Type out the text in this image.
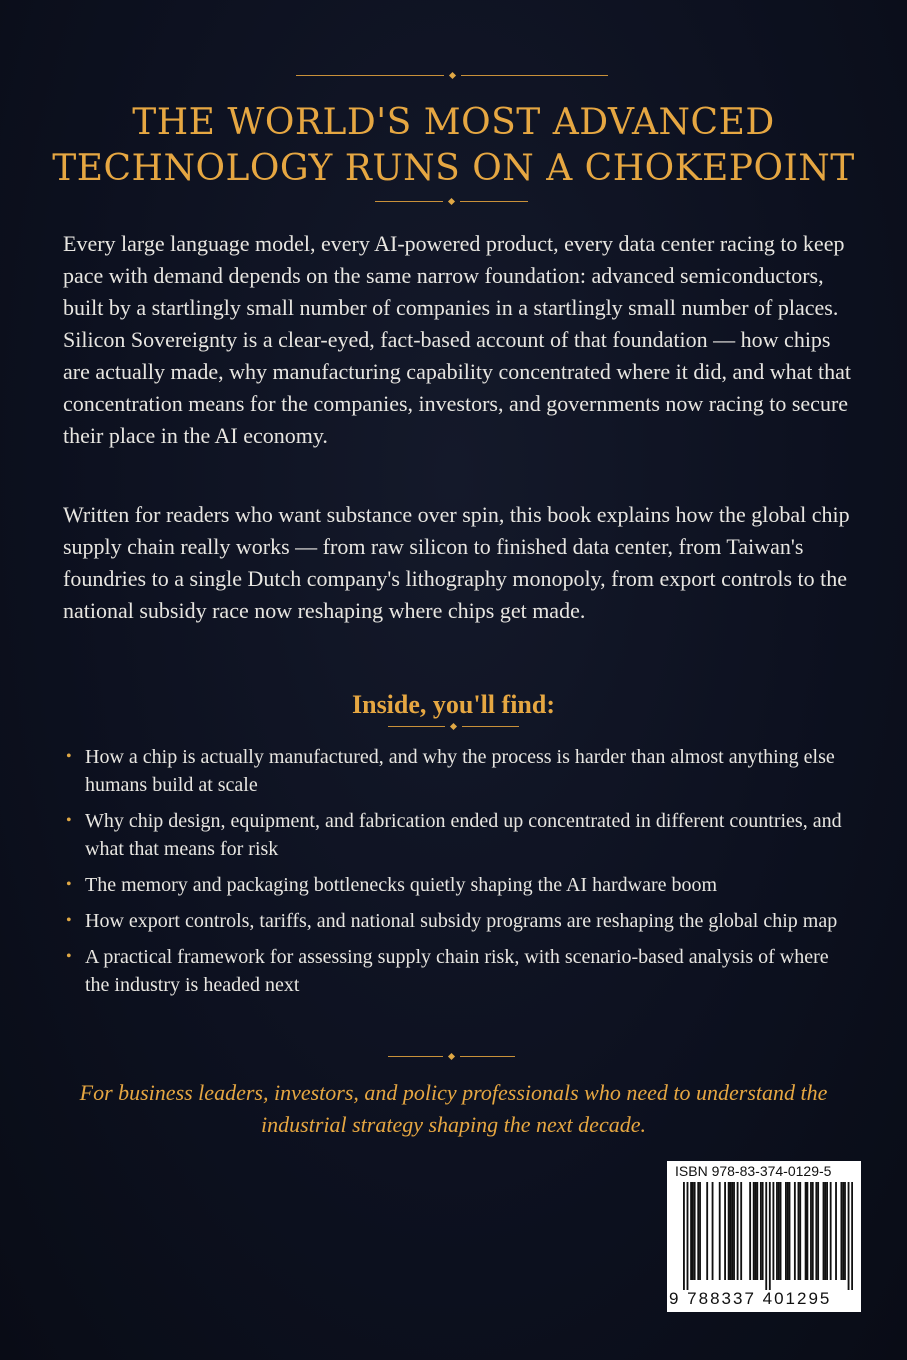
THE WORLD'S MOST ADVANCED
TECHNOLOGY RUNS ON A CHOKEPOINT
Every large language model, every AI-powered product, every data center racing to keep pace with demand depends on the same narrow foundation: advanced semiconductors, built by a startlingly small number of companies in a startlingly small number of places. Silicon Sovereignty is a clear-eyed, fact-based account of that foundation — how chips are actually made, why manufacturing capability concentrated where it did, and what that concentration means for the companies, investors, and governments now racing to secure their place in the AI economy.
Written for readers who want substance over spin, this book explains how the global chip supply chain really works — from raw silicon to finished data center, from Taiwan's foundries to a single Dutch company's lithography monopoly, from export controls to the national subsidy race now reshaping where chips get made.
Inside, you'll find:
• How a chip is actually manufactured, and why the process is harder than almost anything else humans build at scale
• Why chip design, equipment, and fabrication ended up concentrated in different countries, and what that means for risk
• The memory and packaging bottlenecks quietly shaping the AI hardware boom
• How export controls, tariffs, and national subsidy programs are reshaping the global chip map
• A practical framework for assessing supply chain risk, with scenario-based analysis of where the industry is headed next
For business leaders, investors, and policy professionals who need to understand the industrial strategy shaping the next decade.
ISBN 978-83-374-0129-5
9 788337 401295
